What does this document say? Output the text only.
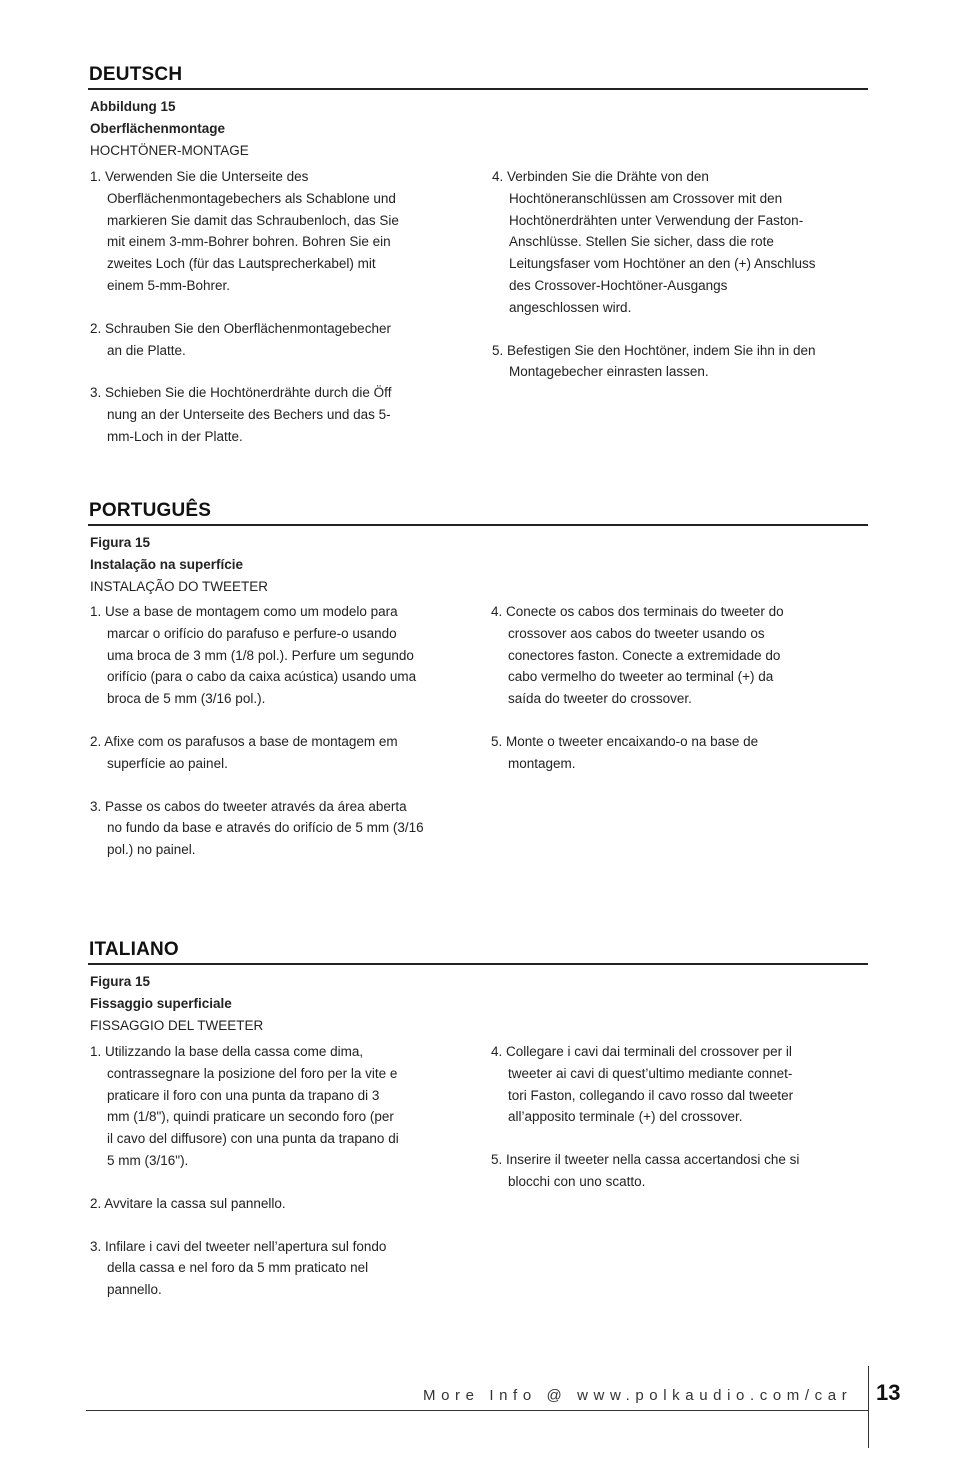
DEUTSCH
Abbildung 15
Oberflächenmontage
HOCHTÖNER-MONTAGE

1. Verwenden Sie die Unterseite des Oberflächenmontagebechers als Schablone und markieren Sie damit das Schraubenloch, das Sie mit einem 3-mm-Bohrer bohren. Bohren Sie ein zweites Loch (für das Lautsprecherkabel) mit einem 5-mm-Bohrer.

2. Schrauben Sie den Oberflächenmontagebecher an die Platte.

3. Schieben Sie die Hochtönerdrähte durch die Öff nung an der Unterseite des Bechers und das 5-mm-Loch in der Platte.

4. Verbinden Sie die Drähte von den Hochtöneranschlüssen am Crossover mit den Hochtönerdrähten unter Verwendung der Faston-Anschlüsse. Stellen Sie sicher, dass die rote Leitungsfaser vom Hochtöner an den (+) Anschluss des Crossover-Hochtöner-Ausgangs angeschlossen wird.

5. Befestigen Sie den Hochtöner, indem Sie ihn in den Montagebecher einrasten lassen.

PORTUGUÊS
Figura 15
Instalação na superfície
INSTALAÇÃO DO TWEETER

1. Use a base de montagem como um modelo para marcar o orifício do parafuso e perfure-o usando uma broca de 3 mm (1/8 pol.). Perfure um segundo orifício (para o cabo da caixa acústica) usando uma broca de 5 mm (3/16 pol.).

2. Afixe com os parafusos a base de montagem em superfície ao painel.

3. Passe os cabos do tweeter através da área aberta no fundo da base e através do orifício de 5 mm (3/16 pol.) no painel.

4. Conecte os cabos dos terminais do tweeter do crossover aos cabos do tweeter usando os conectores faston. Conecte a extremidade do cabo vermelho do tweeter ao terminal (+) da saída do tweeter do crossover.

5. Monte o tweeter encaixando-o na base de montagem.

ITALIANO
Figura 15
Fissaggio superficiale
FISSAGGIO DEL TWEETER

1. Utilizzando la base della cassa come dima, contrassegnare la posizione del foro per la vite e praticare il foro con una punta da trapano di 3 mm (1/8"), quindi praticare un secondo foro (per il cavo del diffusore) con una punta da trapano di 5 mm (3/16").

2. Avvitare la cassa sul pannello.

3. Infilare i cavi del tweeter nell’apertura sul fondo della cassa e nel foro da 5 mm praticato nel pannello.

4. Collegare i cavi dai terminali del crossover per il tweeter ai cavi di quest’ultimo mediante connet-tori Faston, collegando il cavo rosso dal tweeter all’apposito terminale (+) del crossover.

5. Inserire il tweeter nella cassa accertandosi che si blocchi con uno scatto.

More Info @ www.polkaudio.com/car 13
